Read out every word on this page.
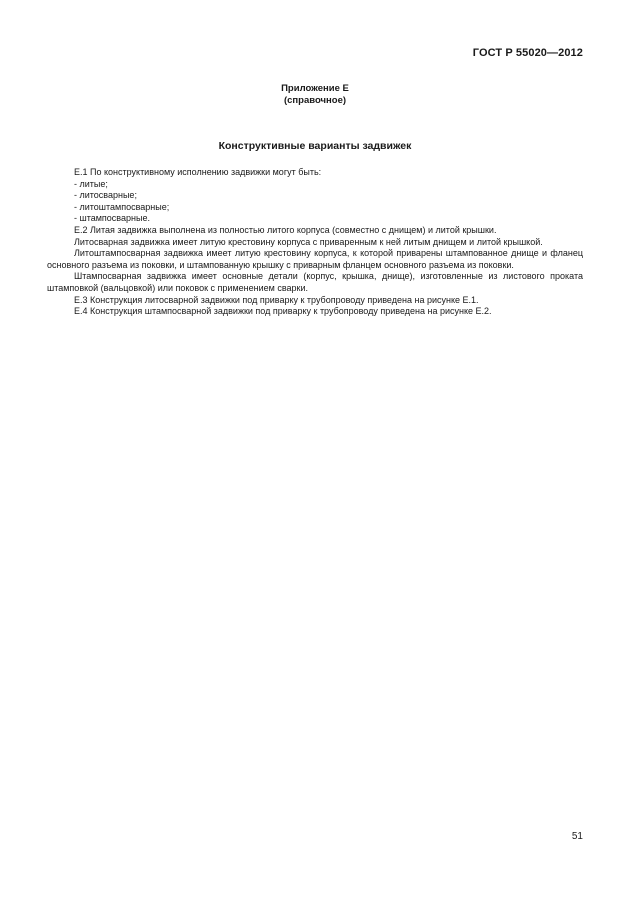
ГОСТ Р 55020—2012
Приложение Е
(справочное)
Конструктивные варианты задвижек

Е.1 По конструктивному исполнению задвижки могут быть:

- литые;

- литосварные;

- литоштампосварные;

- штампосварные.

Е.2 Литая задвижка выполнена из полностью литого корпуса (совместно с днищем) и литой крышки.

Литосварная задвижка имеет литую крестовину корпуса с приваренным к ней литым днищем и литой крышкой.

Литоштампосварная задвижка имеет литую крестовину корпуса, к которой приварены штампованное днище и фланец основного разъема из поковки, и штампованную крышку с приварным фланцем основного разъема из поковки.

Штампосварная задвижка имеет основные детали (корпус, крышка, днище), изготовленные из листового проката штамповкой (вальцовкой) или поковок с применением сварки.

Е.3 Конструкция литосварной задвижки под приварку к трубопроводу приведена на рисунке Е.1.

Е.4 Конструкция штампосварной задвижки под приварку к трубопроводу приведена на рисунке Е.2.

51
